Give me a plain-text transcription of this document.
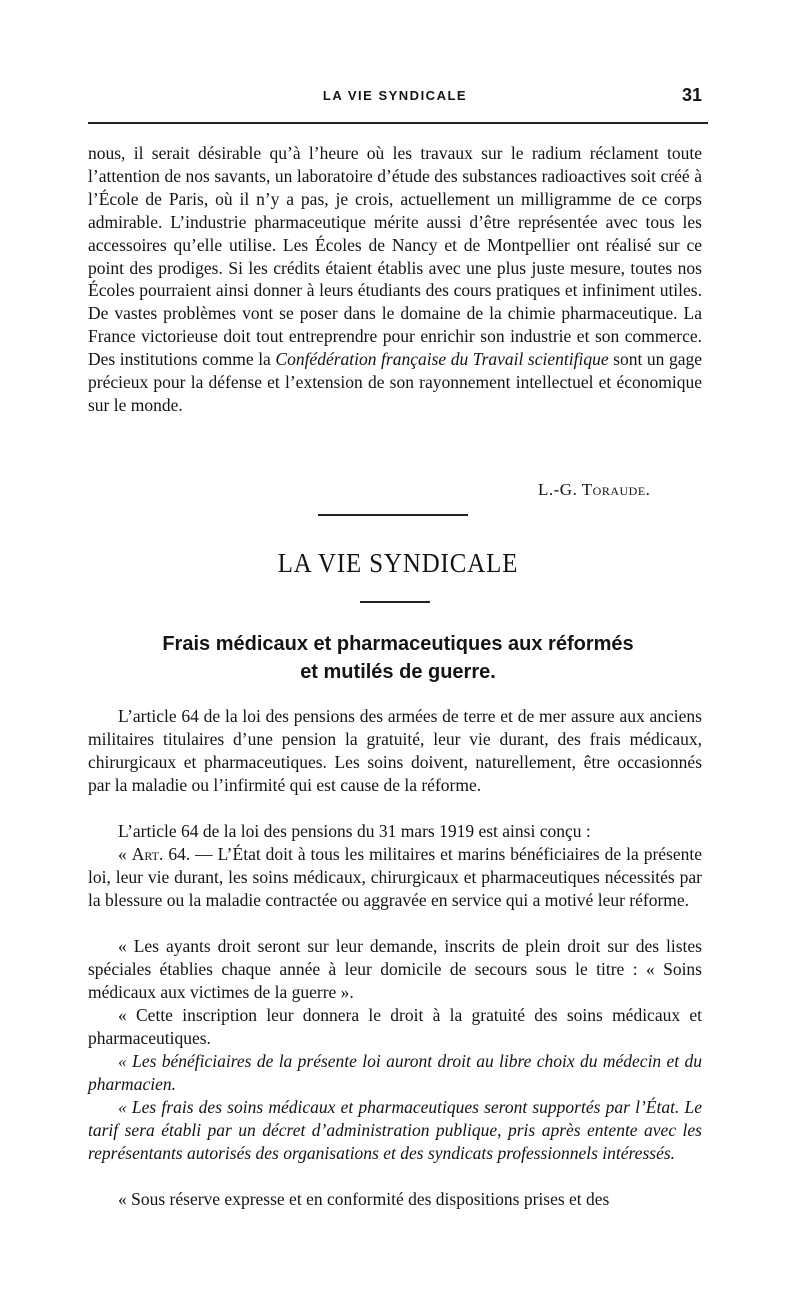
LA VIE SYNDICALE	31

nous, il serait désirable qu’à l’heure où les travaux sur le radium réclament toute l’attention de nos savants, un laboratoire d’étude des substances radioactives soit créé à l’École de Paris, où il n’y a pas, je crois, actuellement un milligramme de ce corps admirable. L’industrie pharmaceutique mérite aussi d’être représentée avec tous les accessoires qu’elle utilise. Les Écoles de Nancy et de Montpellier ont réalisé sur ce point des prodiges. Si les crédits étaient établis avec une plus juste mesure, toutes nos Écoles pourraient ainsi donner à leurs étudiants des cours pratiques et infiniment utiles. De vastes problèmes vont se poser dans le domaine de la chimie pharmaceutique. La France victorieuse doit tout entreprendre pour enrichir son industrie et son commerce. Des institutions comme la Confédération française du Travail scientifique sont un gage précieux pour la défense et l’extension de son rayonnement intellectuel et économique sur le monde.

L.-G. Toraude.
LA VIE SYNDICALE
Frais médicaux et pharmaceutiques aux réformés
et mutilés de guerre.

L’article 64 de la loi des pensions des armées de terre et de mer assure aux anciens militaires titulaires d’une pension la gratuité, leur vie durant, des frais médicaux, chirurgicaux et pharmaceutiques. Les soins doivent, naturellement, être occasionnés par la maladie ou l’infirmité qui est cause de la réforme.

L’article 64 de la loi des pensions du 31 mars 1919 est ainsi conçu :

« Art. 64. — L’État doit à tous les militaires et marins bénéficiaires de la présente loi, leur vie durant, les soins médicaux, chirurgicaux et pharmaceutiques nécessités par la blessure ou la maladie contractée ou aggravée en service qui a motivé leur réforme.

« Les ayants droit seront sur leur demande, inscrits de plein droit sur des listes spéciales établies chaque année à leur domicile de secours sous le titre : « Soins médicaux aux victimes de la guerre ».

« Cette inscription leur donnera le droit à la gratuité des soins médicaux et pharmaceutiques.

« Les bénéficiaires de la présente loi auront droit au libre choix du médecin et du pharmacien.

« Les frais des soins médicaux et pharmaceutiques seront supportés par l’État. Le tarif sera établi par un décret d’administration publique, pris après entente avec les représentants autorisés des organisations et des syndicats professionnels intéressés.

« Sous réserve expresse et en conformité des dispositions prises et des
